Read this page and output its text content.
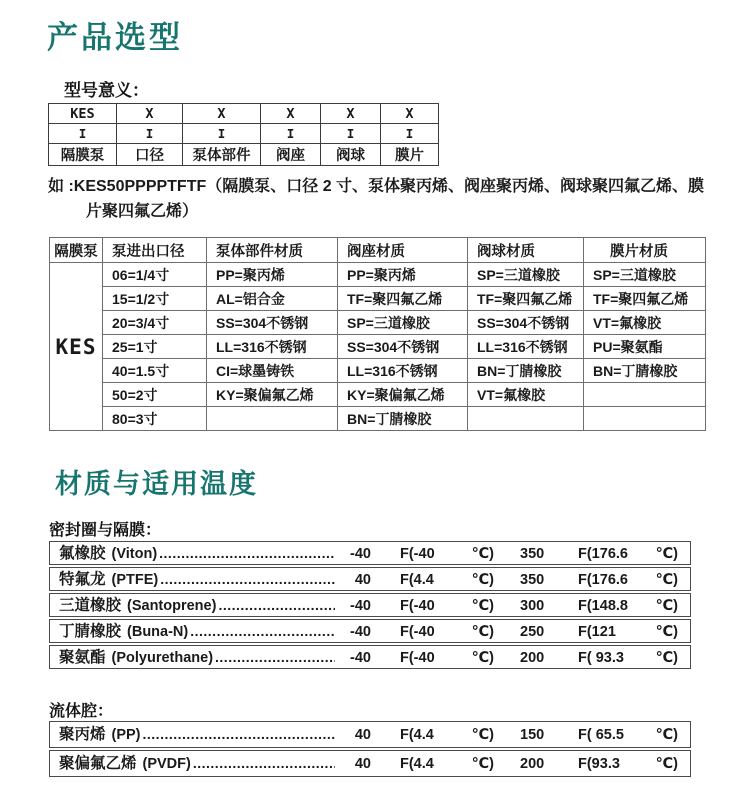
产品选型
型号意义：
KES	X	X	X	X	X
I	I	I	I	I	I
隔膜泵	口径	泵体部件	阀座	阀球	膜片
如 :KES50PPPPTFTF（隔膜泵、口径 2 寸、泵体聚丙烯、阀座聚丙烯、阀球聚四氟乙烯、膜
片聚四氟乙烯）
隔膜泵	泵进出口径	泵体部件材质	阀座材质	阀球材质	膜片材质
KES	06=1/4寸	PP=聚丙烯	PP=聚丙烯	SP=三道橡胶	SP=三道橡胶
	15=1/2寸	AL=铝合金	TF=聚四氟乙烯	TF=聚四氟乙烯	TF=聚四氟乙烯
	20=3/4寸	SS=304不锈钢	SP=三道橡胶	SS=304不锈钢	VT=氟橡胶
	25=1寸	LL=316不锈钢	SS=304不锈钢	LL=316不锈钢	PU=聚氨酯
	40=1.5寸	CI=球墨铸铁	LL=316不锈钢	BN=丁腈橡胶	BN=丁腈橡胶
	50=2寸	KY=聚偏氟乙烯	KY=聚偏氟乙烯	VT=氟橡胶	
	80=3寸		BN=丁腈橡胶		
材质与适用温度
密封圈与隔膜：
氟橡胶 (Viton) .....	-40 F(-40	℃) 350	F(176.6 ℃)
特氟龙 (PTFE) .....	40 F(4.4	℃) 350	F(176.6 ℃)
三道橡胶 (Santoprene) .....	-40 F(-40	℃) 300	F(148.8 ℃)
丁腈橡胶 (Buna-N) .....	-40 F(-40	℃) 250	F(121	℃)
聚氨酯 (Polyurethane) .....	-40 F(-40	℃) 200	F( 93.3 ℃)
流体腔：
聚丙烯 (PP) .....	40 F(4.4	℃) 150	F( 65.5 ℃)
聚偏氟乙烯 (PVDF) .....	40 F(4.4	℃) 200	F(93.3 ℃)
